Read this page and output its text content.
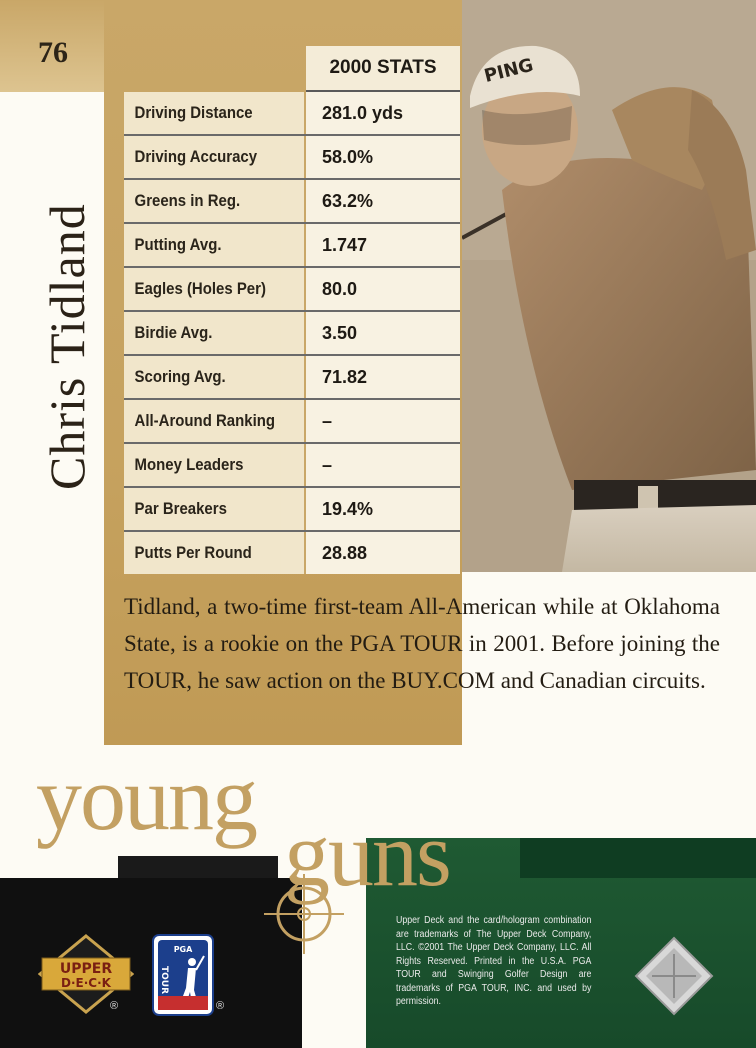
76
PING
Chris Tidland
2000 STATS
Driving Distance	281.0 yds
Driving Accuracy	58.0%
Greens in Reg.	63.2%
Putting Avg.	1.747
Eagles (Holes Per)	80.0
Birdie Avg.	3.50
Scoring Avg.	71.82
All-Around Ranking	–
Money Leaders	–
Par Breakers	19.4%
Putts Per Round	28.88
Tidland, a two-time first-team All-American while at Oklahoma State, is a rookie on the PGA TOUR in 2001. Before joining the TOUR, he saw action on the BUY.COM and Canadian circuits.
young
guns
UPPER
D·E·C·K
®
PGA
TOUR
®
Upper Deck and the card/hologram combination are trademarks of The Upper Deck Company, LLC. ©2001 The Upper Deck Company, LLC. All Rights Reserved. Printed in the U.S.A. PGA TOUR and Swinging Golfer Design are trademarks of PGA TOUR, INC. and used by permission.
